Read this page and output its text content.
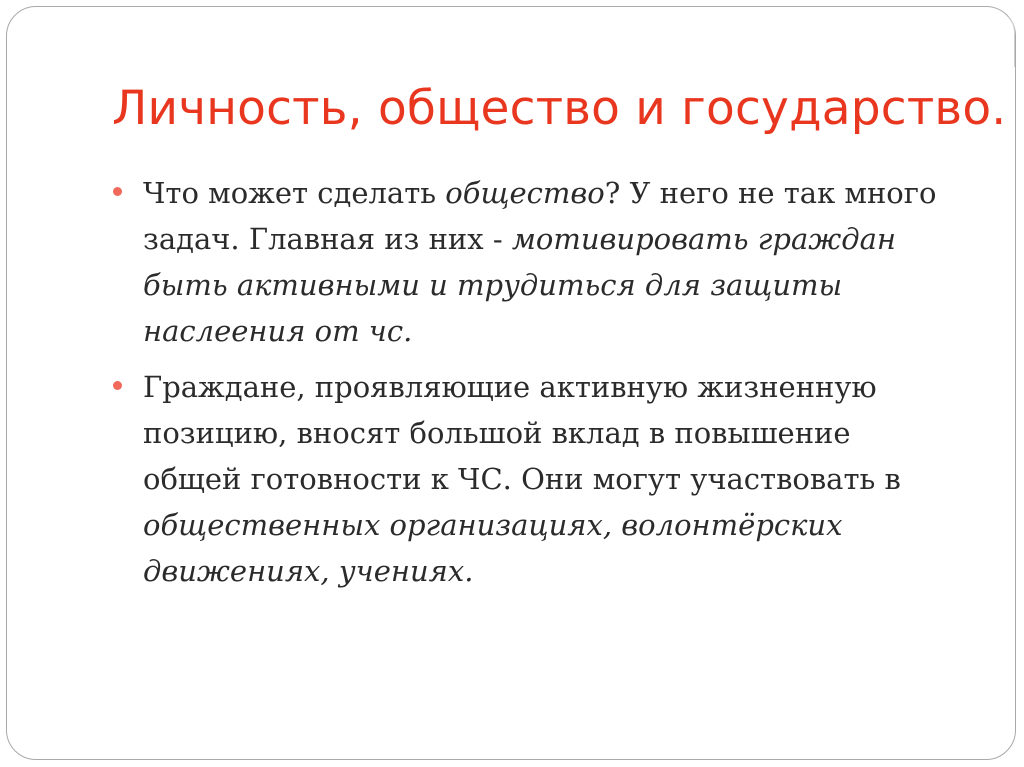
Личность, общество и государство.
Что может сделать общество? У него не так много задач. Главная из них - мотивировать граждан быть активными и трудиться для защиты наслеения от чс.
Граждане, проявляющие активную жизненную позицию, вносят большой вклад в повышение общей готовности к ЧС. Они могут участвовать в общественных организациях, волонтёрских движениях, учениях.
